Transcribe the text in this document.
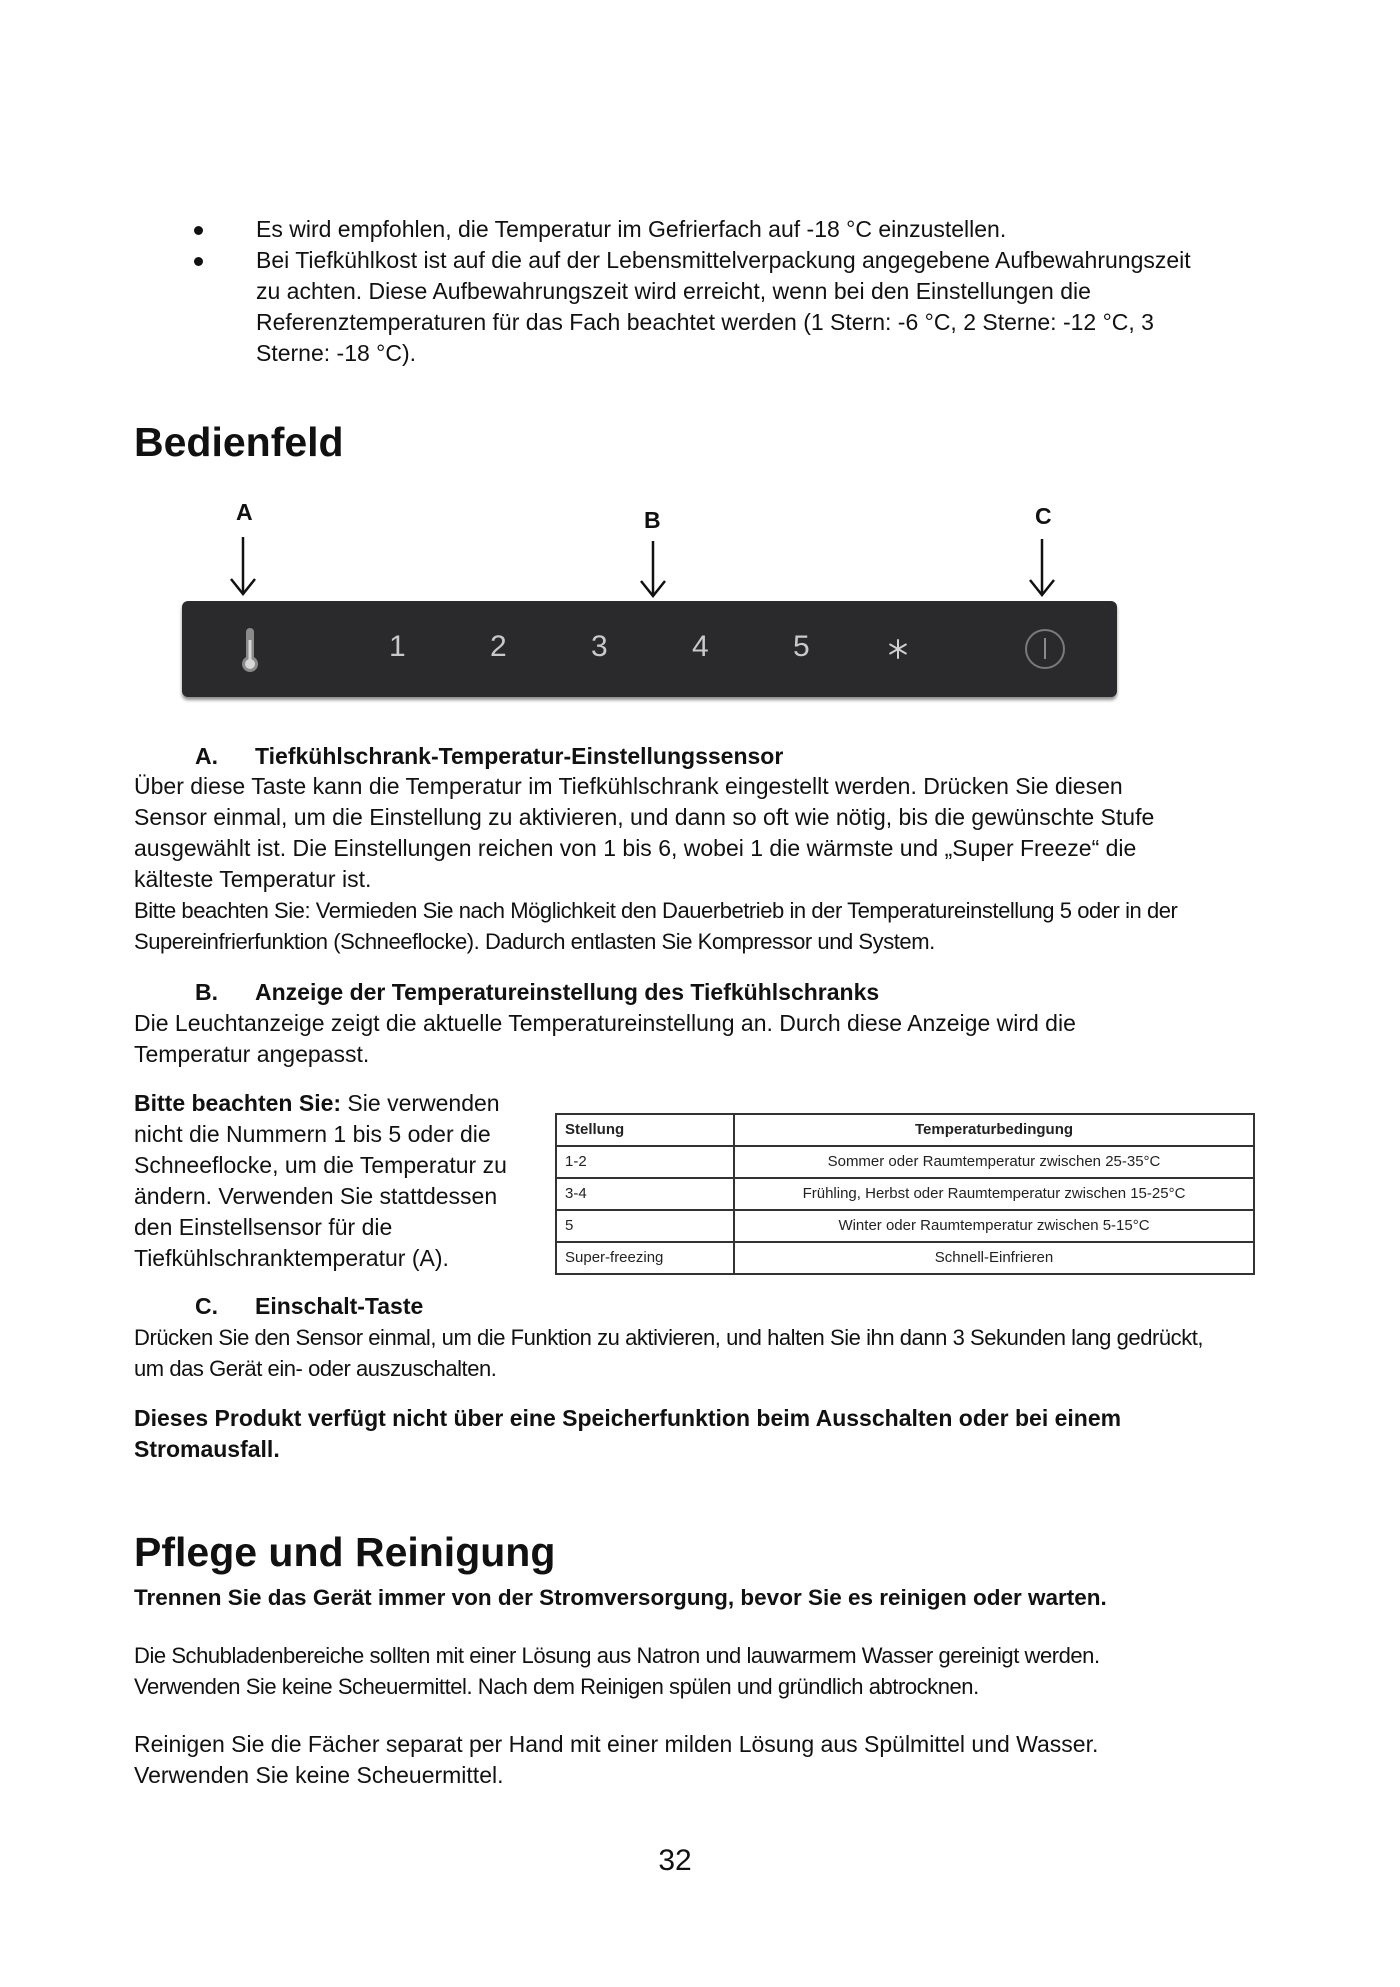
Es wird empfohlen, die Temperatur im Gefrierfach auf -18 °C einzustellen.
Bei Tiefkühlkost ist auf die auf der Lebensmittelverpackung angegebene Aufbewahrungszeit zu achten. Diese Aufbewahrungszeit wird erreicht, wenn bei den Einstellungen die Referenztemperaturen für das Fach beachtet werden (1 Stern: -6 °C, 2 Sterne: -12 °C, 3 Sterne: -18 °C).
Bedienfeld
A	B	C
1	2	3	4	5
A. Tiefkühlschrank-Temperatur-Einstellungssensor

Über diese Taste kann die Temperatur im Tiefkühlschrank eingestellt werden. Drücken Sie diesen Sensor einmal, um die Einstellung zu aktivieren, und dann so oft wie nötig, bis die gewünschte Stufe ausgewählt ist. Die Einstellungen reichen von 1 bis 6, wobei 1 die wärmste und „Super Freeze“ die kälteste Temperatur ist.

Bitte beachten Sie: Vermieden Sie nach Möglichkeit den Dauerbetrieb in der Temperatureinstellung 5 oder in der Supereinfrierfunktion (Schneeflocke). Dadurch entlasten Sie Kompressor und System.

B. Anzeige der Temperatureinstellung des Tiefkühlschranks

Die Leuchtanzeige zeigt die aktuelle Temperatureinstellung an. Durch diese Anzeige wird die Temperatur angepasst.

Bitte beachten Sie: Sie verwenden nicht die Nummern 1 bis 5 oder die Schneeflocke, um die Temperatur zu ändern. Verwenden Sie stattdessen den Einstellsensor für die Tiefkühlschranktemperatur (A).

Stellung	Temperaturbedingung
1-2	Sommer oder Raumtemperatur zwischen 25-35°C
3-4	Frühling, Herbst oder Raumtemperatur zwischen 15-25°C
5	Winter oder Raumtemperatur zwischen 5-15°C
Super-freezing	Schnell-Einfrieren
C. Einschalt-Taste

Drücken Sie den Sensor einmal, um die Funktion zu aktivieren, und halten Sie ihn dann 3 Sekunden lang gedrückt, um das Gerät ein- oder auszuschalten.

Dieses Produkt verfügt nicht über eine Speicherfunktion beim Ausschalten oder bei einem Stromausfall.

Pflege und Reinigung

Trennen Sie das Gerät immer von der Stromversorgung, bevor Sie es reinigen oder warten.

Die Schubladenbereiche sollten mit einer Lösung aus Natron und lauwarmem Wasser gereinigt werden. Verwenden Sie keine Scheuermittel. Nach dem Reinigen spülen und gründlich abtrocknen.

Reinigen Sie die Fächer separat per Hand mit einer milden Lösung aus Spülmittel und Wasser. Verwenden Sie keine Scheuermittel.

32
